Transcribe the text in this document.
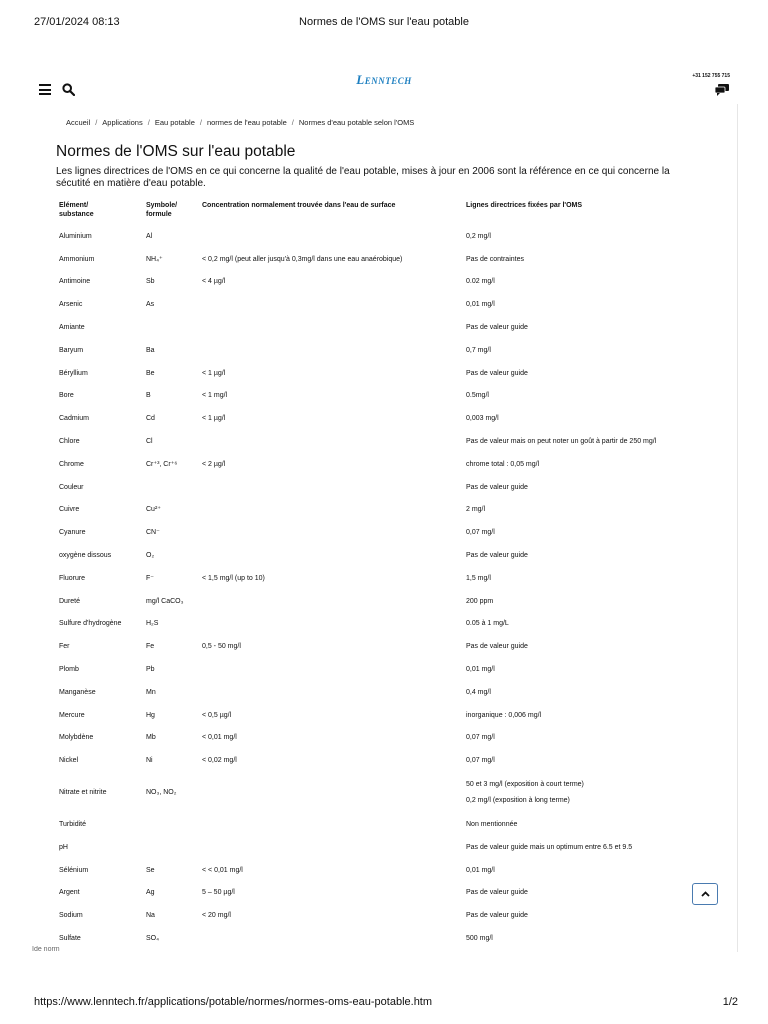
27/01/2024 08:13	Normes de l'OMS sur l'eau potable
Lenntech	+31 152 755 715
Accueil / Applications / Eau potable / normes de l'eau potable / Normes d'eau potable selon l'OMS
Normes de l'OMS sur l'eau potable

Les lignes directrices de l'OMS en ce qui concerne la qualité de l'eau potable, mises à jour en 2006 sont la référence en ce qui concerne la sécutité en matière d'eau potable.

Elément/
substance	Symbole/
formule	Concentration normalement trouvée dans l'eau de surface	Lignes directrices fixées par l'OMS
Aluminium	Al		0,2 mg/l
Ammonium	NH₄⁺	< 0,2 mg/l (peut aller jusqu'à 0,3mg/l dans une eau anaérobique)	Pas de contraintes
Antimoine	Sb	< 4 µg/l	0.02 mg/l
Arsenic	As		0,01 mg/l
Amiante			Pas de valeur guide
Baryum	Ba		0,7 mg/l
Béryllium	Be	< 1 µg/l	Pas de valeur guide
Bore	B	< 1 mg/l	0.5mg/l
Cadmium	Cd	< 1 µg/l	0,003 mg/l
Chlore	Cl		Pas de valeur mais on peut noter un goût à partir de 250 mg/l
Chrome	Cr⁺³, Cr⁺⁶	< 2 µg/l	chrome total : 0,05 mg/l
Couleur			Pas de valeur guide
Cuivre	Cu²⁺		2 mg/l
Cyanure	CN⁻		0,07 mg/l
oxygène dissous	O₂		Pas de valeur guide
Fluorure	F⁻	< 1,5 mg/l (up to 10)	1,5 mg/l
Dureté	mg/l CaCO₃		200 ppm
Sulfure d'hydrogène	H₂S		0.05 à 1 mg/L
Fer	Fe	0,5 - 50 mg/l	Pas de valeur guide
Plomb	Pb		0,01 mg/l
Manganèse	Mn		0,4 mg/l
Mercure	Hg	< 0,5 µg/l	inorganique : 0,006 mg/l
Molybdène	Mb	< 0,01 mg/l	0,07 mg/l
Nickel	Ni	< 0,02 mg/l	0,07 mg/l
Nitrate et nitrite	NO₃, NO₂		50 et 3 mg/l (exposition à court terme)
0,2 mg/l (exposition à long terme)

Turbidité			Non mentionnée
pH			Pas de valeur guide mais un optimum entre 6.5 et 9.5
Sélénium	Se	< < 0,01 mg/l	0,01 mg/l
Argent	Ag	5 – 50 µg/l	Pas de valeur guide
Sodium	Na	< 20 mg/l	Pas de valeur guide
Sulfate	SO₄		500 mg/l
Ide norm
https://www.lenntech.fr/applications/potable/normes/normes-oms-eau-potable.htm	1/2
